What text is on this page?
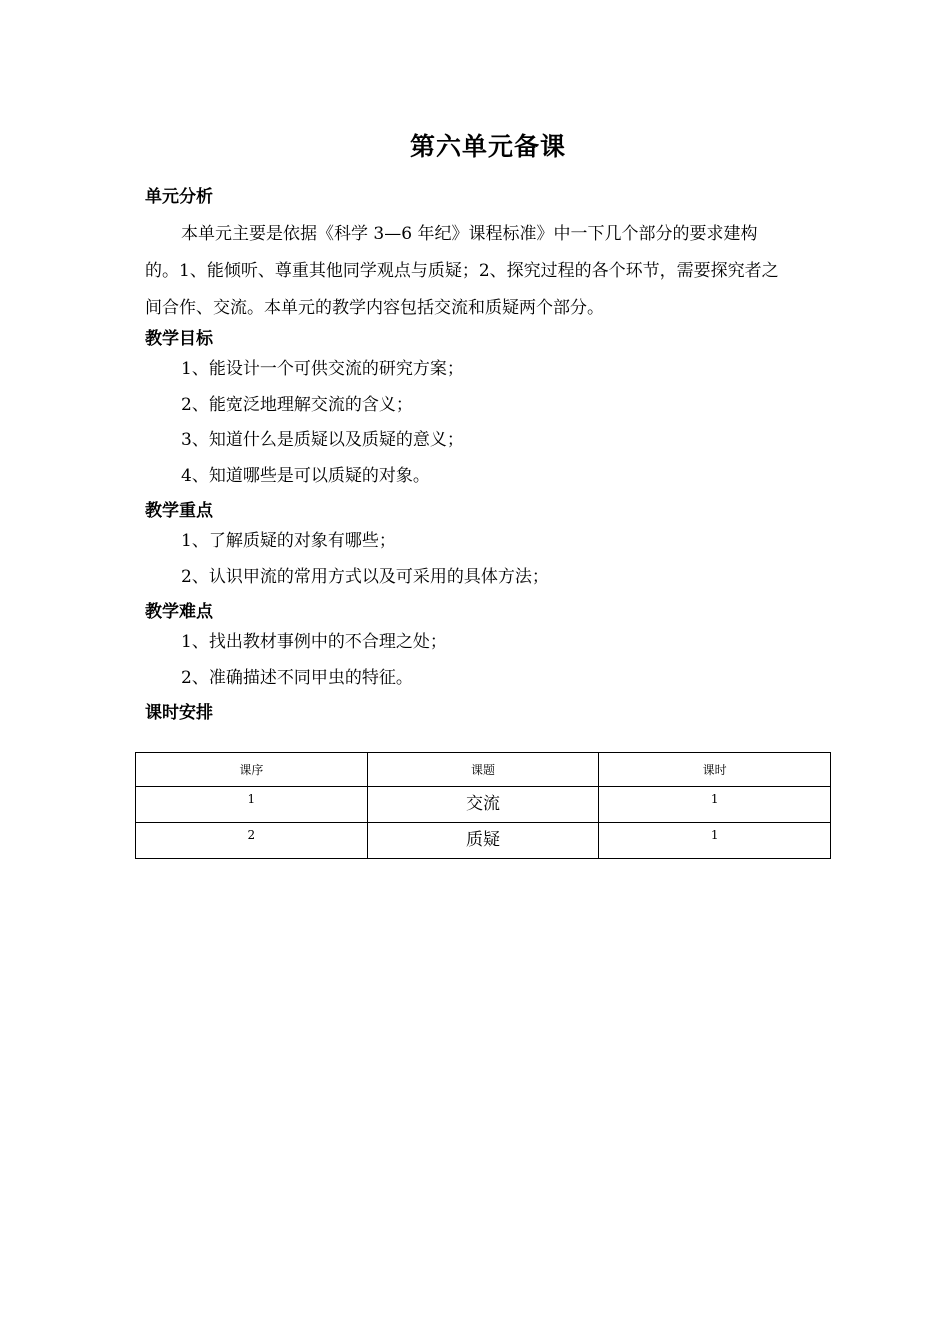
第六单元备课
单元分析

本单元主要是依据《科学 3—6 年纪》课程标准》中一下几个部分的要求建构
的。1、能倾听、尊重其他同学观点与质疑；2、探究过程的各个环节，需要探究者之
间合作、交流。本单元的教学内容包括交流和质疑两个部分。

教学目标

1、能设计一个可供交流的研究方案；

2、能宽泛地理解交流的含义；

3、知道什么是质疑以及质疑的意义；

4、知道哪些是可以质疑的对象。

教学重点

1、了解质疑的对象有哪些；

2、认识甲流的常用方式以及可采用的具体方法；

教学难点

1、找出教材事例中的不合理之处；

2、准确描述不同甲虫的特征。

课时安排
课序	课题	课时

1	交流	1

2	质疑	1
